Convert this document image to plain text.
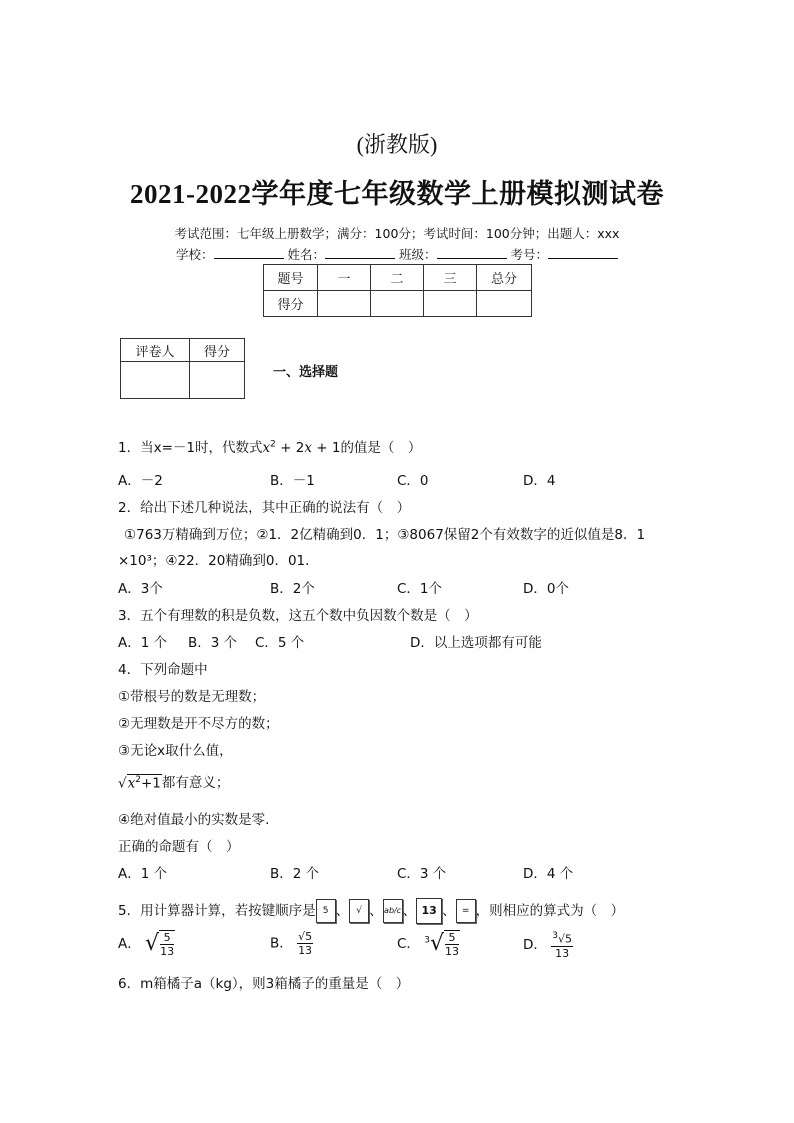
(浙教版)
2021-2022学年度七年级数学上册模拟测试卷
考试范围：七年级上册数学；满分：100分；考试时间：100分钟；出题人：xxx
学校：	姓名：	班级：	考号：
题号	一	二	三	总分
得分				
评卷人	得分

一、选择题
1．当x=－1时，代数式$x^2 + 2x + 1$的值是（　）
A．－2	B．－1	C．0	D．4
2．给出下述几种说法，其中正确的说法有（　）
①763万精确到万位；②1．2亿精确到0．1；③8067保留2个有效数字的近似值是8．1
×10³；④22．20精确到0．01．
A．3个	B．2个	C．1个	D．0个
3．五个有理数的积是负数，这五个数中负因数个数是（　）
A．1 个 B．3 个 C．5 个	D．以上选项都有可能
4．下列命题中
①带根号的数是无理数；
②无理数是开不尽方的数；
③无论x取什么值，
$√x^2+1$都有意义；
④绝对值最小的实数是零.
正确的命题有（　）
A．1 个	B．2 个	C．3 个	D．4 个
5．用计算器计算，若按键顺序是 5 、 √ 、ab/c、 13 、 = ，则相应的算式为（　）
A． √ $\frac{5}{13}$	B． $\frac{√5}{13}$	C． $^3√ \frac{5}{13}$	D． $\frac{^3√5}{13}$
6．m箱橘子a（kg），则3箱橘子的重量是（　）
